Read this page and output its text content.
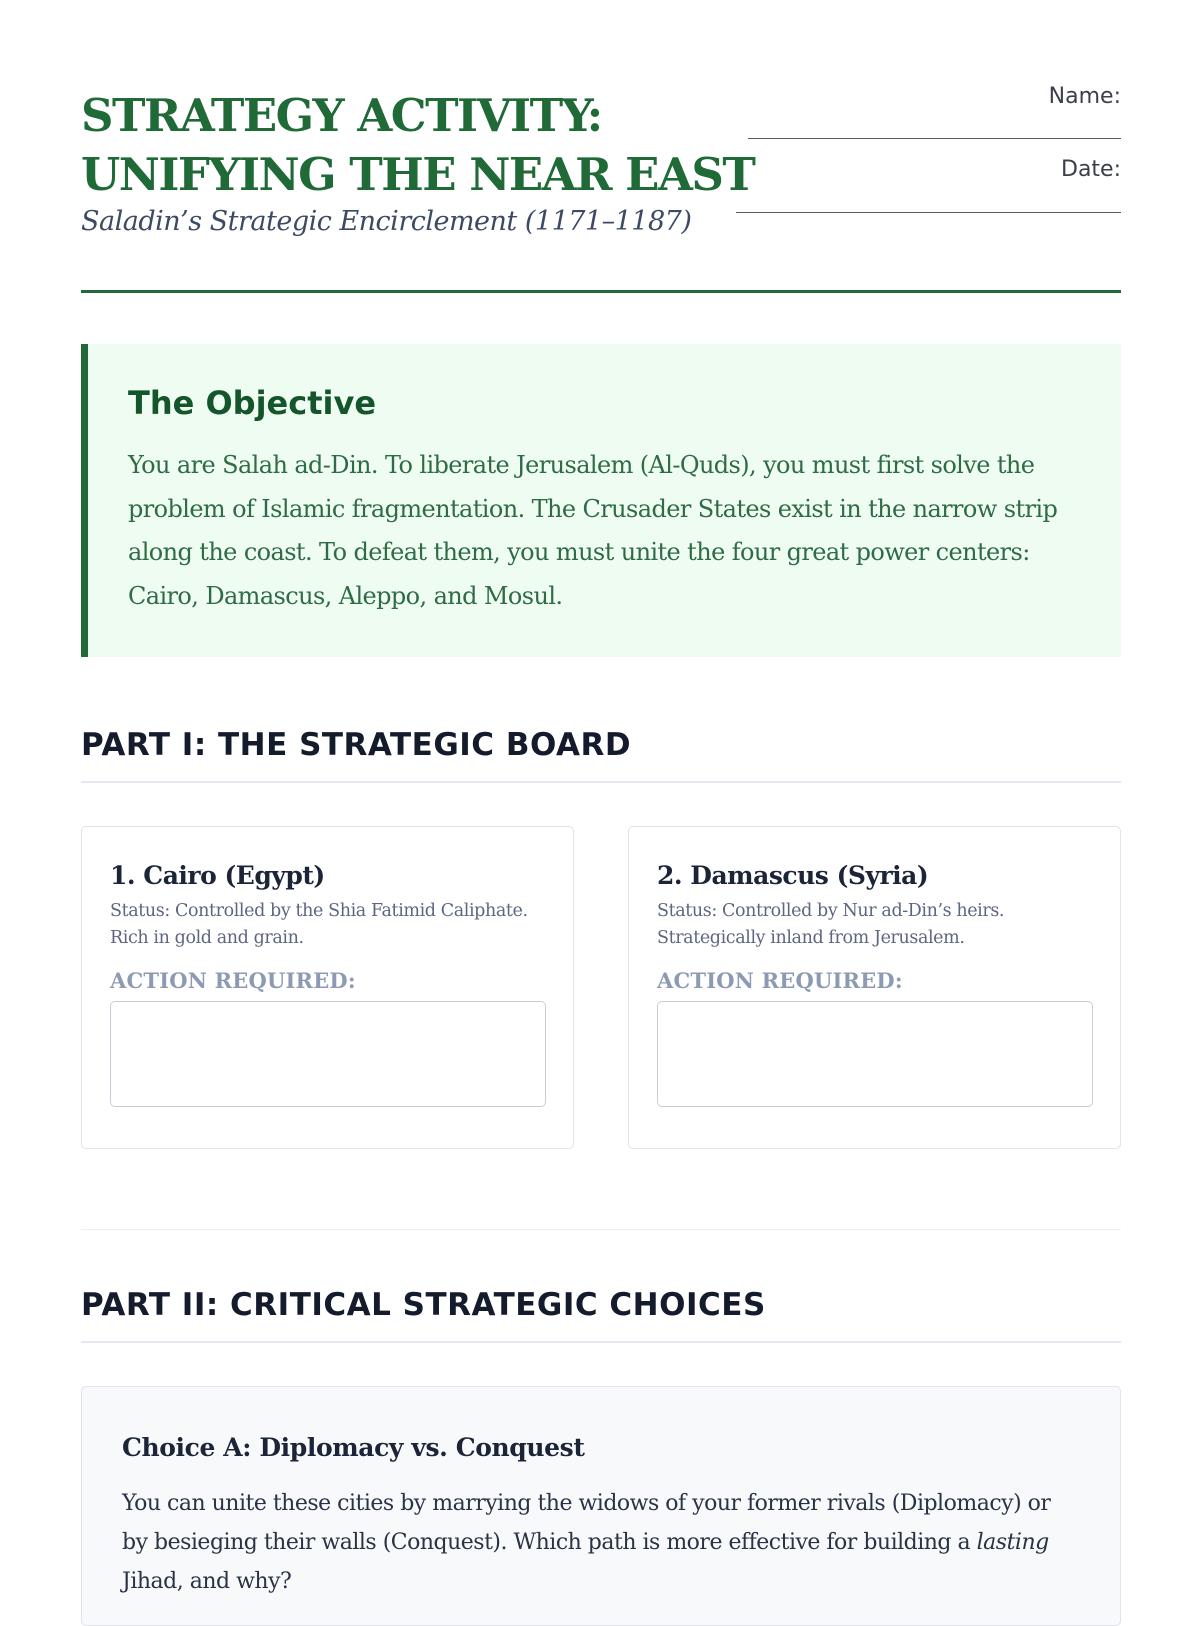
STRATEGY ACTIVITY:
UNIFYING THE NEAR EAST
Saladin’s Strategic Encirclement (1171–1187)
Name:
Date:
The Objective

You are Salah ad-Din. To liberate Jerusalem (Al-Quds), you must first solve the problem of Islamic fragmentation. The Crusader States exist in the narrow strip along the coast. To defeat them, you must unite the four great power centers: Cairo, Damascus, Aleppo, and Mosul.

PART I: THE STRATEGIC BOARD
1. Cairo (Egypt)

Status: Controlled by the Shia Fatimid Caliphate. Rich in gold and grain.

ACTION REQUIRED:

2. Damascus (Syria)

Status: Controlled by Nur ad-Din’s heirs. Strategically inland from Jerusalem.

ACTION REQUIRED:

PART II: CRITICAL STRATEGIC CHOICES
Choice A: Diplomacy vs. Conquest

You can unite these cities by marrying the widows of your former rivals (Diplomacy) or by besieging their walls (Conquest). Which path is more effective for building a lasting Jihad, and why?
